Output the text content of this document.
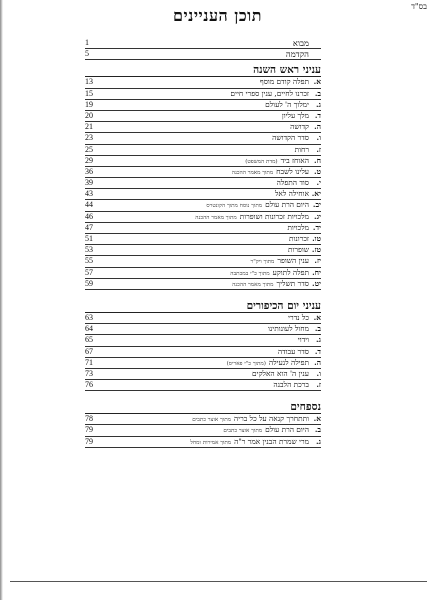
בס"ד
תוכן העניינים
מבוא
1
הקדמה
5
עניני ראש השנה
א.תפלה קודם מוסף
13
ב.זכרנו לחיים, ענין ספרי חיים
15
ג.ימלוך ה' לעולם
19
ד.מלך עליון
20
ה.קדושה
21
ו.סדר הקדושה
23
ז.רחות
25
ח.האוחז ביד(מדת המשפט)
29
ט.עלינו לשבחמתוך מאמר ההכנה
36
י.סוד התפלה
39
יא.אוחילה לאל
43
יב.היום הרת עולםמתוך נוסח מתוך הקונטרס
44
יג.מלכויות זכרונות ושופרותמתוך מאמר ההכנה
46
יד.מלכויות
47
טו.זכרונות
51
טז.שופרות
53
יז.ענין השופרמתוך ויק"ר
55
יח.תפלה לתוקעמתוך כ"י במכתבה
57
יט.סדר תשליךמתוך מאמר ההכנה
59
עניני יום הכיפורים
א.כל נדרי
63
ב.מחול לעונותינו
64
ג.וידוי
65
ד.סדר עבודה
67
ה.תפילה לנעילה(מתוך כ"י פאריס)
71
ו.ענין ה' הוא האלקים
73
ז.ברכת הלבנה
76
נספחים
א.ותתחרך קנאה על כל בריהמתוך אוצר כתבים
78
ב.היום הרת עולםמתוך אוצר כתבים
79
ג.מרי שמרת הבנין אמר ר"המתוך אמירות ומחל
79
